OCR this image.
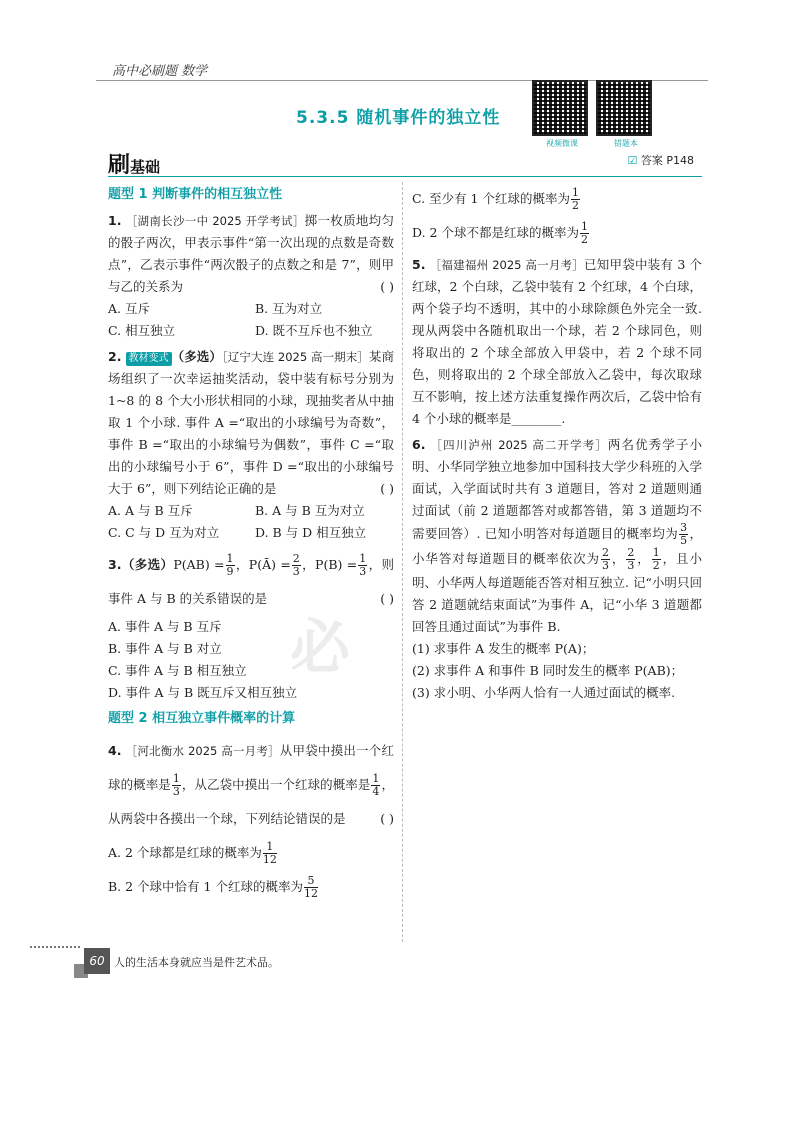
高中必刷题 数学
5.3.5 随机事件的独立性
视频微课	错题本
刷基础	☑ 答案 P148
必
题型 1 判断事件的相互独立性
1. ［湖南长沙一中 2025 开学考试］掷一枚质地均匀的骰子两次，甲表示事件“第一次出现的点数是奇数点”，乙表示事件“两次骰子的点数之和是 7”，则甲与乙的关系为	( )
A. 互斥	B. 互为对立
C. 相互独立	D. 既不互斥也不独立
2. 教材变式 （多选）［辽宁大连 2025 高一期末］某商场组织了一次幸运抽奖活动，袋中装有标号分别为1~8 的 8 个大小形状相同的小球，现抽奖者从中抽取 1 个小球. 事件 A =“取出的小球编号为奇数”，事件 B =“取出的小球编号为偶数”，事件 C =“取出的小球编号小于 6”，事件 D =“取出的小球编号大于 6”，则下列结论正确的是	( )
A. A 与 B 互斥	B. A 与 B 互为对立
C. C 与 D 互为对立	D. B 与 D 相互独立
3.（多选）$P(AB) = \frac{1}{9}$ ，P(Ā) = $\frac{2}{3}$ ，$P(B) = \frac{1}{3}$ ，则事件 A 与 B 的关系错误的是	( )
A. 事件 A 与 B 互斥
B. 事件 A 与 B 对立
C. 事件 A 与 B 相互独立
D. 事件 A 与 B 既互斥又相互独立
题型 2 相互独立事件概率的计算
4. ［河北衡水 2025 高一月考］从甲袋中摸出一个红球的概率是 $\frac{1}{3}$ ，从乙袋中摸出一个红球的概率是 $\frac{1}{4}$ ，从两袋中各摸出一个球，下列结论错误的是	( )
A. 2 个球都是红球的概率为 $\frac{1}{12}$
B. 2 个球中恰有 1 个红球的概率为 $\frac{5}{12}$
C. 至少有 1 个红球的概率为 $\frac{1}{2}$
D. 2 个球不都是红球的概率为 $\frac{1}{2}$
5. ［福建福州 2025 高一月考］已知甲袋中装有 3 个红球，2 个白球，乙袋中装有 2 个红球，4 个白球，两个袋子均不透明，其中的小球除颜色外完全一致. 现从两袋中各随机取出一个球，若 2 个球同色，则将取出的 2 个球全部放入甲袋中，若 2 个球不同色，则将取出的 2 个球全部放入乙袋中，每次取球互不影响，按上述方法重复操作两次后，乙袋中恰有 4 个小球的概率是________.
6. ［四川泸州 2025 高二开学考］两名优秀学子小明、小华同学独立地参加中国科技大学少科班的入学面试，入学面试时共有 3 道题目，答对 2 道题则通过面试（前 2 道题都答对或都答错，第 3 道题均不需要回答）. 已知小明答对每道题目的概率均为 $\frac{3}{5}$ ，小华答对每道题目的概率依次为 $\frac{2}{3}$ ， $\frac{2}{3}$ ， $\frac{1}{2}$ ，且小明、小华两人每道题能否答对相互独立. 记“小明只回答 2 道题就结束面试”为事件 A，记“小华 3 道题都回答且通过面试”为事件 B.
(1) 求事件 A 发生的概率 P(A)；
(2) 求事件 A 和事件 B 同时发生的概率 P(AB)；
(3) 求小明、小华两人恰有一人通过面试的概率.
60 人的生活本身就应当是件艺术品。
